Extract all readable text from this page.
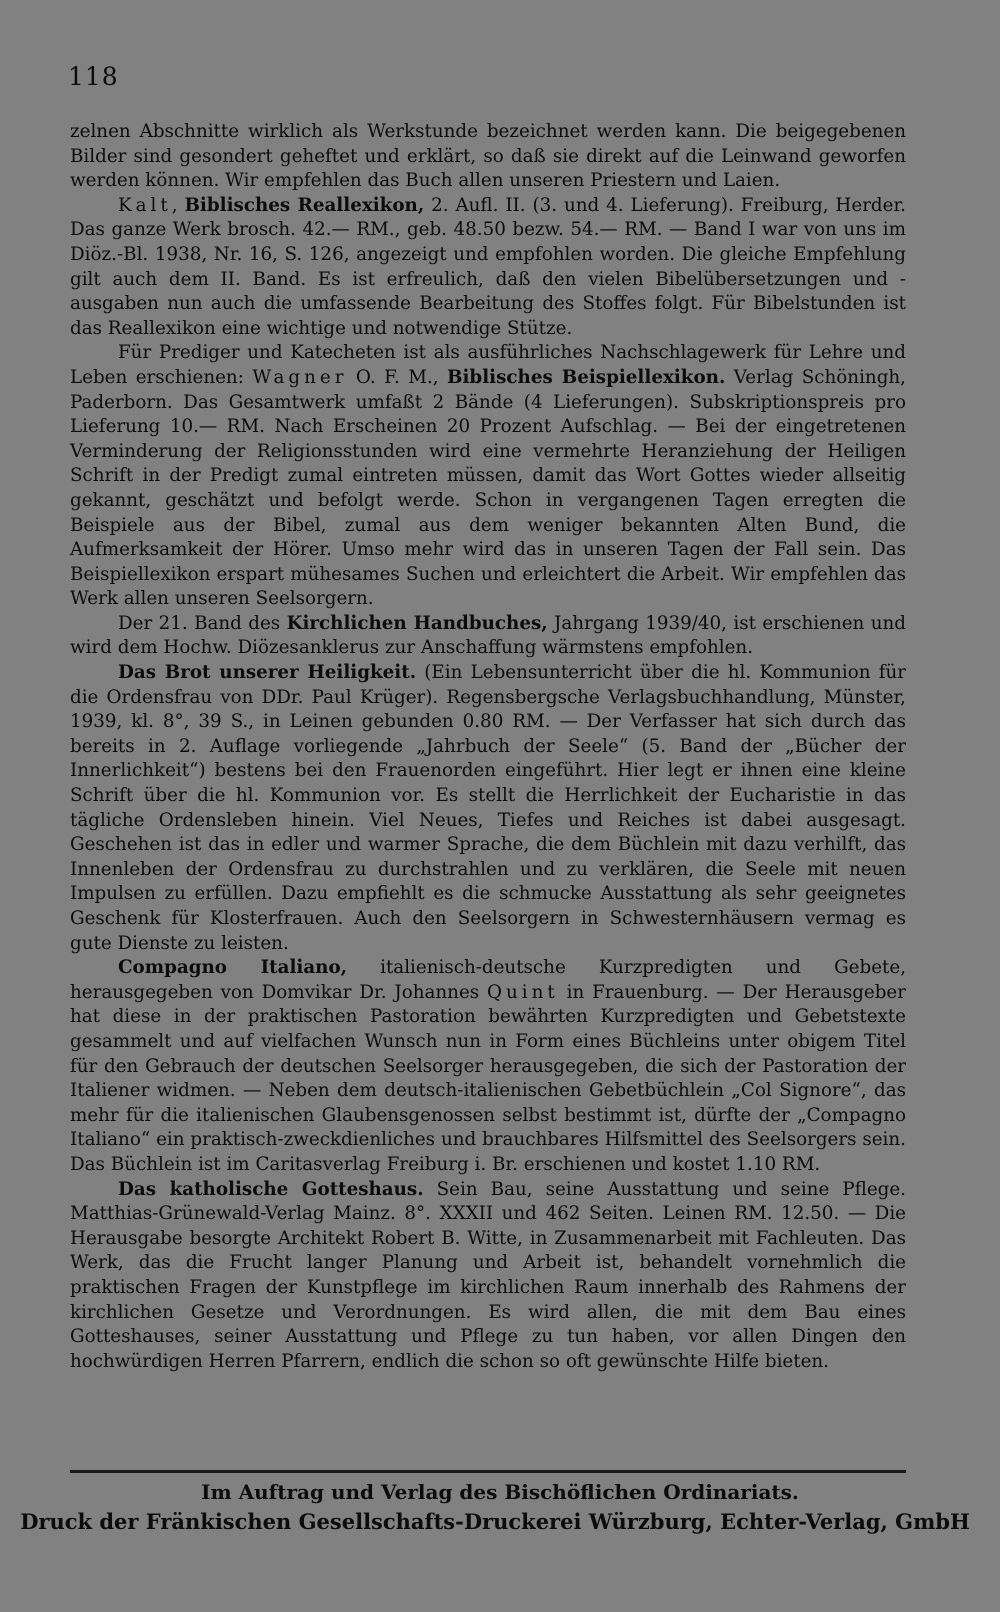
118

zelnen Abschnitte wirklich als Werkstunde bezeichnet werden kann. Die beigegebenen Bilder sind gesondert geheftet und erklärt, so daß sie direkt auf die Leinwand geworfen werden können. Wir empfehlen das Buch allen unseren Priestern und Laien.

Kalt, Biblisches Reallexikon, 2. Aufl. II. (3. und 4. Lieferung). Freiburg, Herder. Das ganze Werk brosch. 42.— RM., geb. 48.50 bezw. 54.— RM. — Band I war von uns im Diöz.-Bl. 1938, Nr. 16, S. 126, angezeigt und empfohlen worden. Die gleiche Empfehlung gilt auch dem II. Band. Es ist erfreulich, daß den vielen Bibelübersetzungen und -ausgaben nun auch die umfassende Bearbeitung des Stoffes folgt. Für Bibelstunden ist das Reallexikon eine wichtige und notwendige Stütze.

Für Prediger und Katecheten ist als ausführliches Nachschlagewerk für Lehre und Leben erschienen: Wagner O. F. M., Biblisches Beispiellexikon. Verlag Schöningh, Paderborn. Das Gesamtwerk umfaßt 2 Bände (4 Lieferungen). Subskriptionspreis pro Lieferung 10.— RM. Nach Erscheinen 20 Prozent Aufschlag. — Bei der eingetretenen Verminderung der Religionsstunden wird eine vermehrte Heranziehung der Heiligen Schrift in der Predigt zumal eintreten müssen, damit das Wort Gottes wieder allseitig gekannt, geschätzt und befolgt werde. Schon in vergangenen Tagen erregten die Beispiele aus der Bibel, zumal aus dem weniger bekannten Alten Bund, die Aufmerksamkeit der Hörer. Umso mehr wird das in unseren Tagen der Fall sein. Das Beispiellexikon erspart mühesames Suchen und erleichtert die Arbeit. Wir empfehlen das Werk allen unseren Seelsorgern.

Der 21. Band des Kirchlichen Handbuches, Jahrgang 1939/40, ist erschienen und wird dem Hochw. Diözesanklerus zur Anschaffung wärmstens empfohlen.

Das Brot unserer Heiligkeit. (Ein Lebensunterricht über die hl. Kommunion für die Ordensfrau von DDr. Paul Krüger). Regensbergsche Verlagsbuchhandlung, Münster, 1939, kl. 8°, 39 S., in Leinen gebunden 0.80 RM. — Der Verfasser hat sich durch das bereits in 2. Auflage vorliegende „Jahrbuch der Seele“ (5. Band der „Bücher der Innerlichkeit“) bestens bei den Frauenorden eingeführt. Hier legt er ihnen eine kleine Schrift über die hl. Kommunion vor. Es stellt die Herrlichkeit der Eucharistie in das tägliche Ordensleben hinein. Viel Neues, Tiefes und Reiches ist dabei ausgesagt. Geschehen ist das in edler und warmer Sprache, die dem Büchlein mit dazu verhilft, das Innenleben der Ordensfrau zu durchstrahlen und zu verklären, die Seele mit neuen Impulsen zu erfüllen. Dazu empfiehlt es die schmucke Ausstattung als sehr geeignetes Geschenk für Klosterfrauen. Auch den Seelsorgern in Schwesternhäusern vermag es gute Dienste zu leisten.

Compagno Italiano, italienisch-deutsche Kurzpredigten und Gebete, herausgegeben von Domvikar Dr. Johannes Quint in Frauenburg. — Der Herausgeber hat diese in der praktischen Pastoration bewährten Kurzpredigten und Gebetstexte gesammelt und auf vielfachen Wunsch nun in Form eines Büchleins unter obigem Titel für den Gebrauch der deutschen Seelsorger herausgegeben, die sich der Pastoration der Italiener widmen. — Neben dem deutsch-italienischen Gebetbüchlein „Col Signore“, das mehr für die italienischen Glaubensgenossen selbst bestimmt ist, dürfte der „Compagno Italiano“ ein praktisch-zweckdienliches und brauchbares Hilfsmittel des Seelsorgers sein. Das Büchlein ist im Caritasverlag Freiburg i. Br. erschienen und kostet 1.10 RM.

Das katholische Gotteshaus. Sein Bau, seine Ausstattung und seine Pflege. Matthias-Grünewald-Verlag Mainz. 8°. XXXII und 462 Seiten. Leinen RM. 12.50. — Die Herausgabe besorgte Architekt Robert B. Witte, in Zusammenarbeit mit Fachleuten. Das Werk, das die Frucht langer Planung und Arbeit ist, behandelt vornehmlich die praktischen Fragen der Kunstpflege im kirchlichen Raum innerhalb des Rahmens der kirchlichen Gesetze und Verordnungen. Es wird allen, die mit dem Bau eines Gotteshauses, seiner Ausstattung und Pflege zu tun haben, vor allen Dingen den hochwürdigen Herren Pfarrern, endlich die schon so oft gewünschte Hilfe bieten.

Im Auftrag und Verlag des Bischöflichen Ordinariats.
Druck der Fränkischen Gesellschafts-Druckerei Würzburg, Echter-Verlag, GmbH
